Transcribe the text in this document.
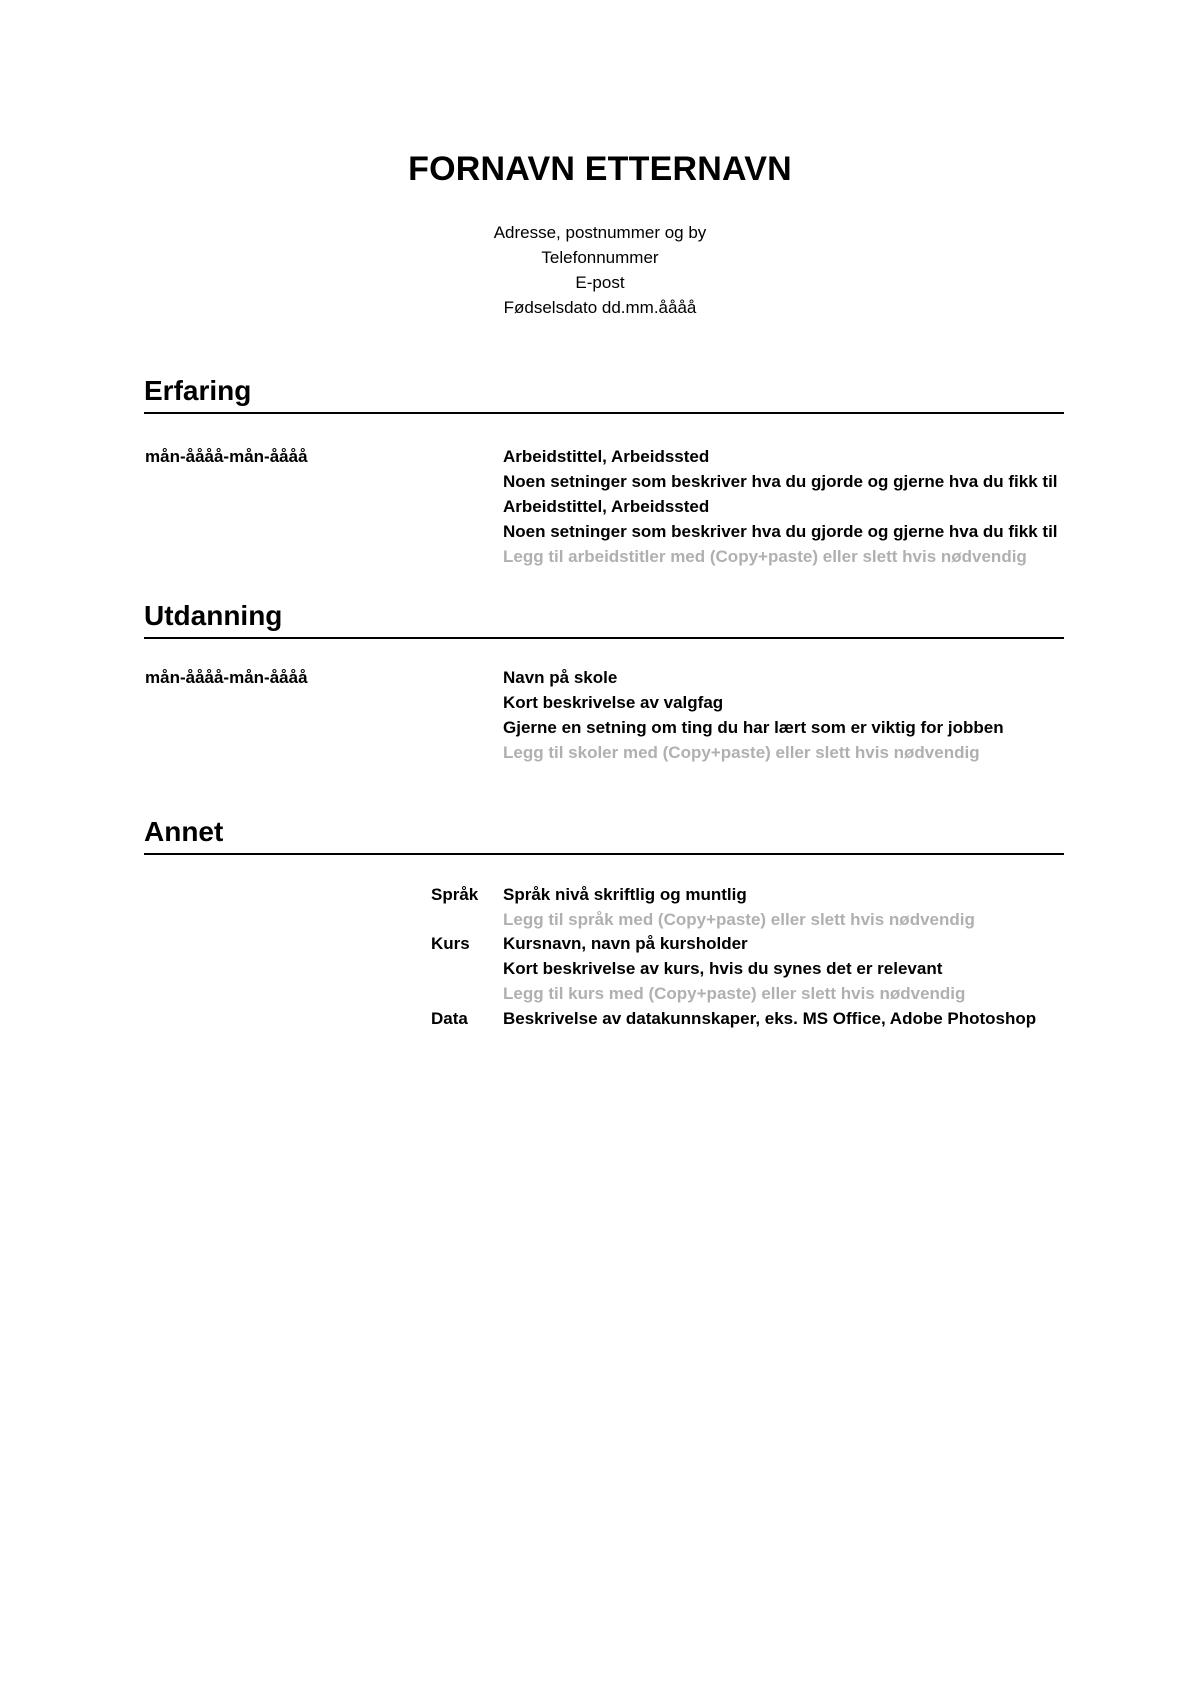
FORNAVN ETTERNAVN
Adresse, postnummer og by
Telefonnummer
E-post
Fødselsdato dd.mm.åååå
Erfaring
mån-åååå-mån-åååå	Arbeidstittel, Arbeidssted
Noen setninger som beskriver hva du gjorde og gjerne hva du fikk til
Arbeidstittel, Arbeidssted
Noen setninger som beskriver hva du gjorde og gjerne hva du fikk til
Legg til arbeidstitler med (Copy+paste) eller slett hvis nødvendig
Utdanning
mån-åååå-mån-åååå	Navn på skole
Kort beskrivelse av valgfag
Gjerne en setning om ting du har lært som er viktig for jobben
Legg til skoler med (Copy+paste) eller slett hvis nødvendig
Annet
Språk Språk nivå skriftlig og muntlig
Legg til språk med (Copy+paste) eller slett hvis nødvendig
Kurs Kursnavn, navn på kursholder
Kort beskrivelse av kurs, hvis du synes det er relevant
Legg til kurs med (Copy+paste) eller slett hvis nødvendig
Data Beskrivelse av datakunnskaper, eks. MS Office, Adobe Photoshop
